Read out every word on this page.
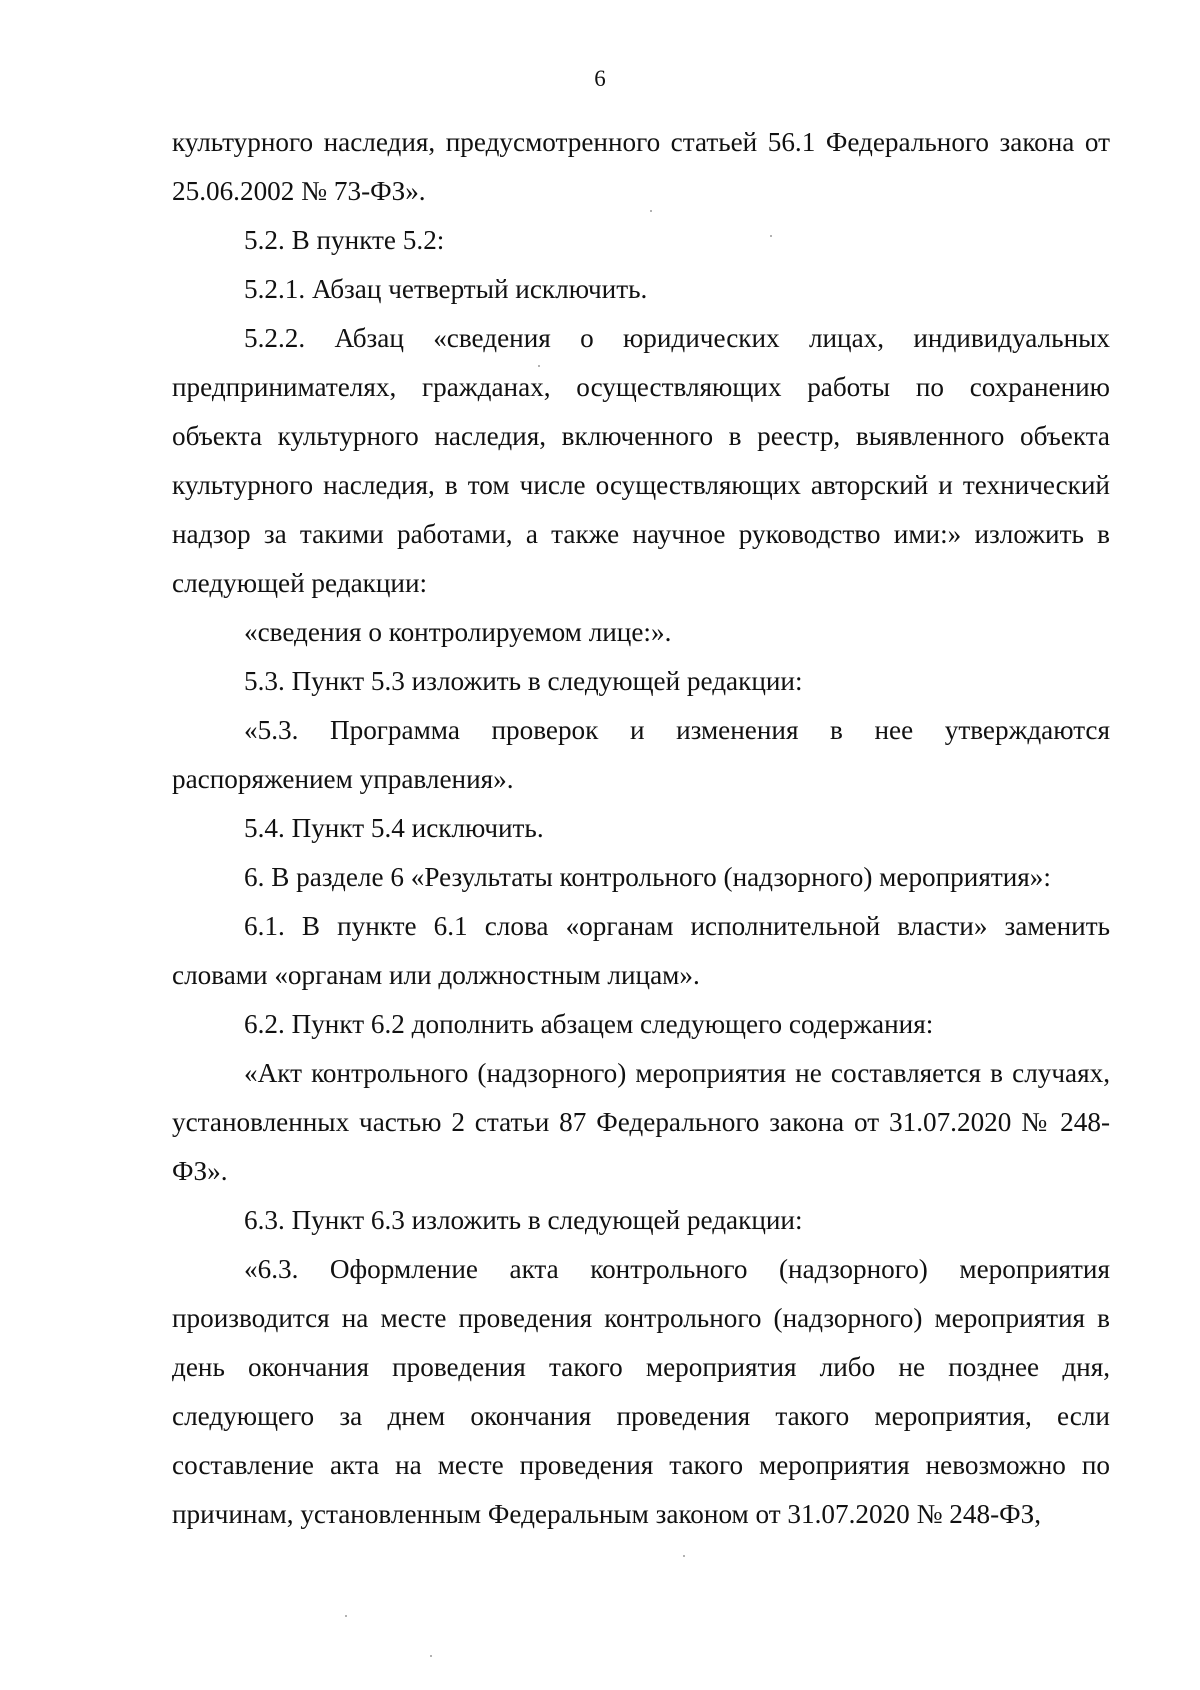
6

культурного наследия, предусмотренного статьей 56.1 Федерального закона от 25.06.2002 № 73-ФЗ».

5.2. В пункте 5.2:

5.2.1. Абзац четвертый исключить.

5.2.2. Абзац «сведения о юридических лицах, индивидуальных предпринимателях, гражданах, осуществляющих работы по сохранению объекта культурного наследия, включенного в реестр, выявленного объекта культурного наследия, в том числе осуществляющих авторский и технический надзор за такими работами, а также научное руководство ими:» изложить в следующей редакции:

«сведения о контролируемом лице:».

5.3. Пункт 5.3 изложить в следующей редакции:

«5.3. Программа проверок и изменения в нее утверждаются распоряжением управления».

5.4. Пункт 5.4 исключить.

6. В разделе 6 «Результаты контрольного (надзорного) мероприятия»:

6.1. В пункте 6.1 слова «органам исполнительной власти» заменить словами «органам или должностным лицам».

6.2. Пункт 6.2 дополнить абзацем следующего содержания:

«Акт контрольного (надзорного) мероприятия не составляется в случаях, установленных частью 2 статьи 87 Федерального закона от 31.07.2020 № 248-ФЗ».

6.3. Пункт 6.3 изложить в следующей редакции:

«6.3. Оформление акта контрольного (надзорного) мероприятия производится на месте проведения контрольного (надзорного) мероприятия в день окончания проведения такого мероприятия либо не позднее дня, следующего за днем окончания проведения такого мероприятия, если составление акта на месте проведения такого мероприятия невозможно по причинам, установленным Федеральным законом от 31.07.2020 № 248-ФЗ,
